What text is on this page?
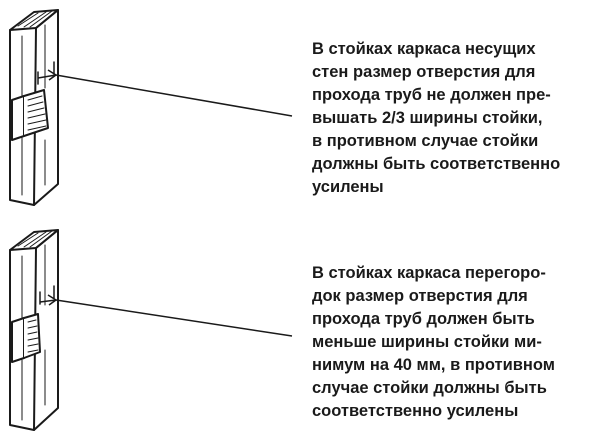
В стойках каркаса несущих
стен размер отверстия для
прохода труб не должен пре-
вышать 2/3 ширины стойки,
в противном случае стойки
должны быть соответственно
усилены
В стойках каркаса перегоро-
док размер отверстия для
прохода труб должен быть
меньше ширины стойки ми-
нимум на 40 мм, в противном
случае стойки должны быть
соответственно усилены
